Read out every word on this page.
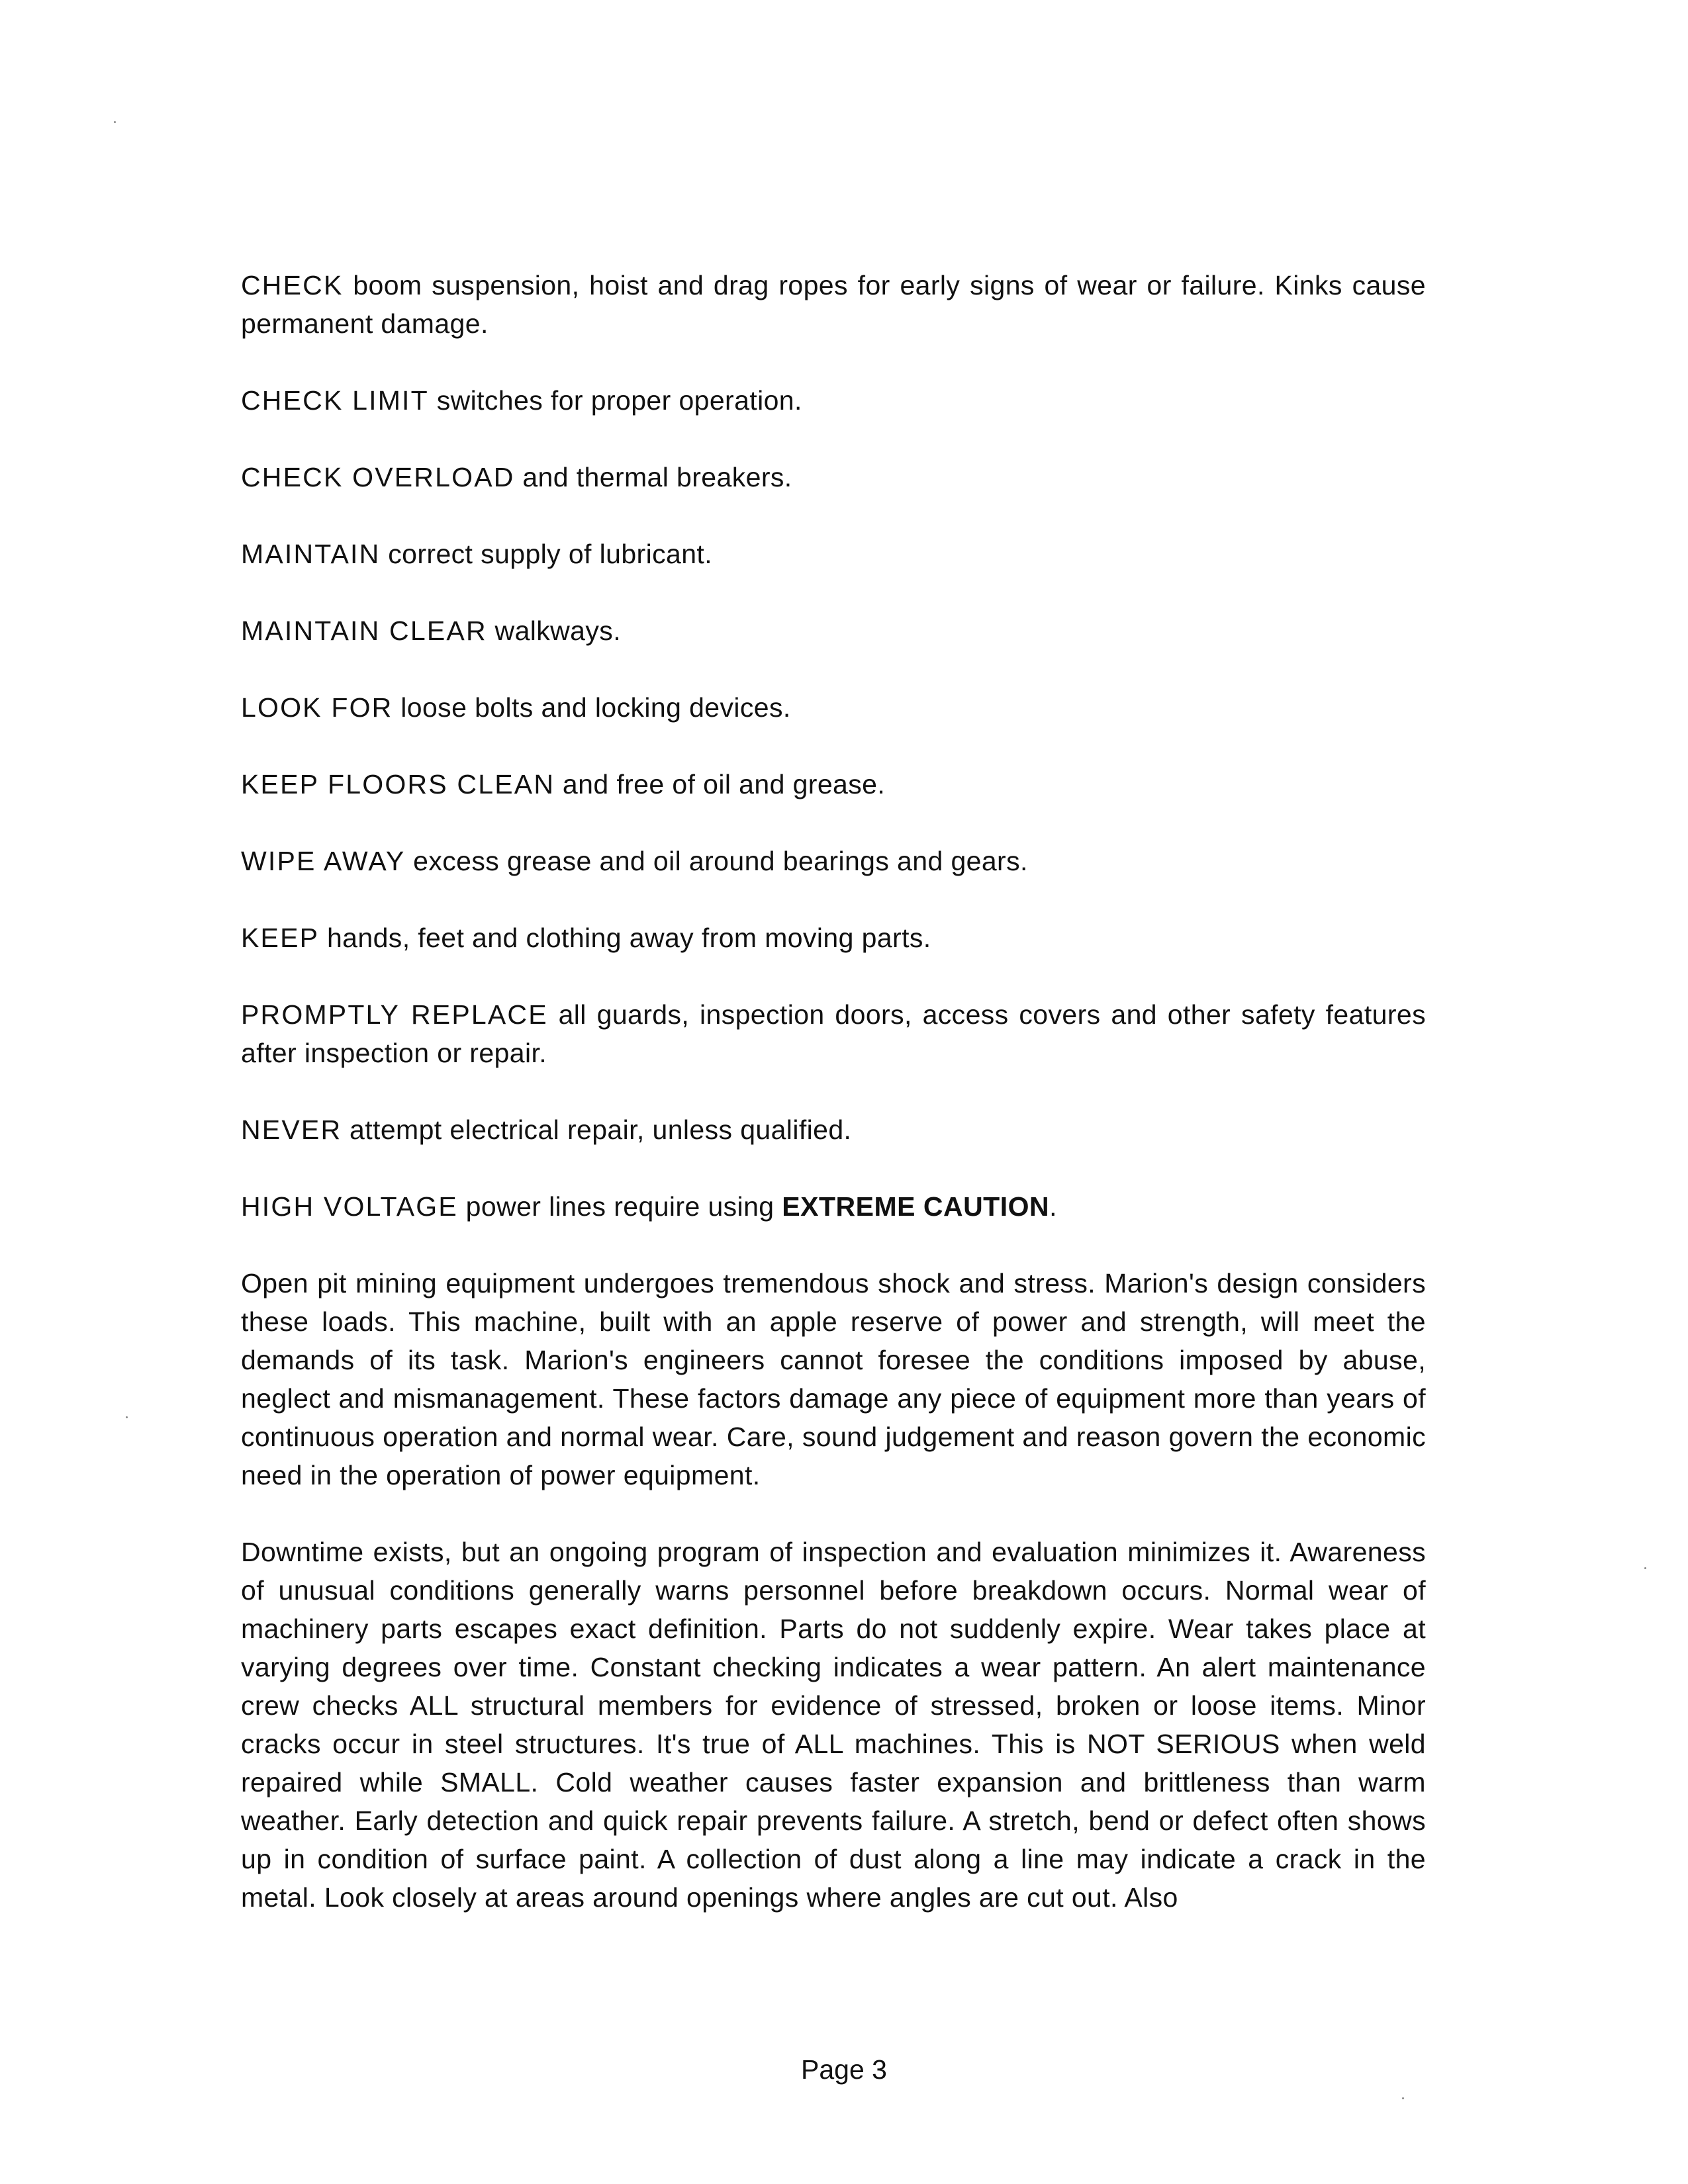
CHECK boom suspension, hoist and drag ropes for early signs of wear or failure. Kinks cause permanent damage.
CHECK LIMIT switches for proper operation.
CHECK OVERLOAD and thermal breakers.
MAINTAIN correct supply of lubricant.
MAINTAIN CLEAR walkways.
LOOK FOR loose bolts and locking devices.
KEEP FLOORS CLEAN and free of oil and grease.
WIPE AWAY excess grease and oil around bearings and gears.
KEEP hands, feet and clothing away from moving parts.
PROMPTLY REPLACE all guards, inspection doors, access covers and other safety features after inspection or repair.
NEVER attempt electrical repair, unless qualified.
HIGH VOLTAGE power lines require using EXTREME CAUTION.

Open pit mining equipment undergoes tremendous shock and stress. Marion's design considers these loads. This machine, built with an apple reserve of power and strength, will meet the demands of its task. Marion's engineers cannot foresee the conditions imposed by abuse, neglect and mismanagement. These factors damage any piece of equipment more than years of continuous operation and normal wear. Care, sound judgement and reason govern the economic need in the operation of power equipment.

Downtime exists, but an ongoing program of inspection and evaluation minimizes it. Awareness of unusual conditions generally warns personnel before breakdown occurs. Normal wear of machinery parts escapes exact definition. Parts do not suddenly expire. Wear takes place at varying degrees over time. Constant checking indicates a wear pattern. An alert maintenance crew checks ALL structural members for evidence of stressed, broken or loose items. Minor cracks occur in steel structures. It's true of ALL machines. This is NOT SERIOUS when weld repaired while SMALL. Cold weather causes faster expansion and brittleness than warm weather. Early detection and quick repair prevents failure. A stretch, bend or defect often shows up in condition of surface paint. A collection of dust along a line may indicate a crack in the metal. Look closely at areas around openings where angles are cut out. Also

Page 3
